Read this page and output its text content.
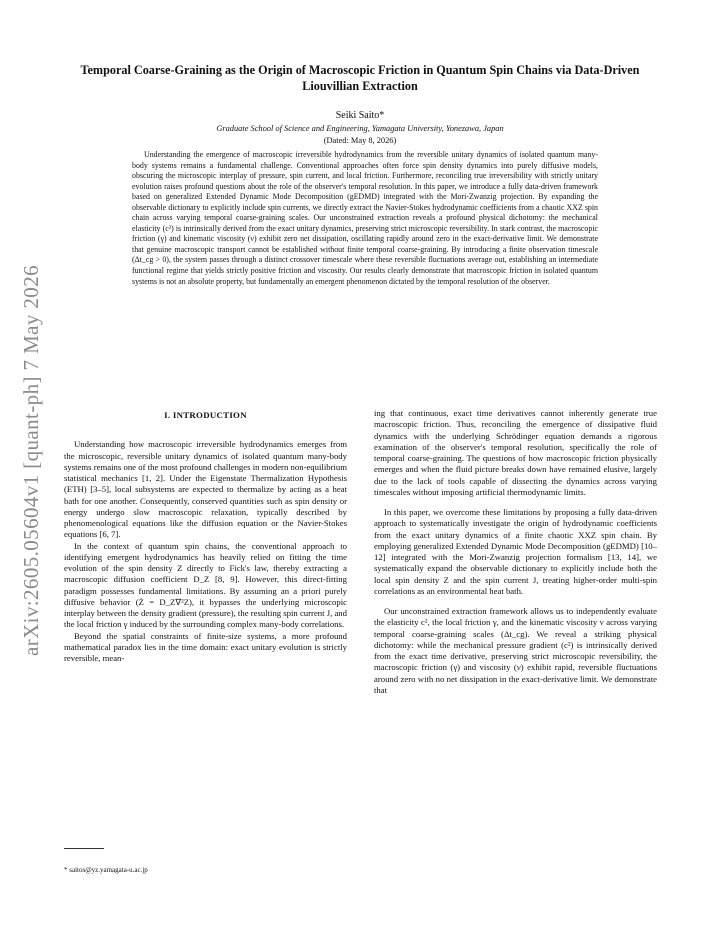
arXiv:2605.05604v1 [quant-ph] 7 May 2026
Temporal Coarse-Graining as the Origin of Macroscopic Friction in Quantum Spin Chains via Data-Driven Liouvillian Extraction
Seiki Saito*
Graduate School of Science and Engineering, Yamagata University, Yonezawa, Japan
(Dated: May 8, 2026)
Understanding the emergence of macroscopic irreversible hydrodynamics from the reversible unitary dynamics of isolated quantum many-body systems remains a fundamental challenge. Conventional approaches often force spin density dynamics into purely diffusive models, obscuring the microscopic interplay of pressure, spin current, and local friction. Furthermore, reconciling true irreversibility with strictly unitary evolution raises profound questions about the role of the observer's temporal resolution. In this paper, we introduce a fully data-driven framework based on generalized Extended Dynamic Mode Decomposition (gEDMD) integrated with the Mori-Zwanzig projection. By expanding the observable dictionary to explicitly include spin currents, we directly extract the Navier-Stokes hydrodynamic coefficients from a chaotic XXZ spin chain across varying temporal coarse-graining scales. Our unconstrained extraction reveals a profound physical dichotomy: the mechanical elasticity (c²) is intrinsically derived from the exact unitary dynamics, preserving strict microscopic reversibility. In stark contrast, the macroscopic friction (γ) and kinematic viscosity (ν) exhibit zero net dissipation, oscillating rapidly around zero in the exact-derivative limit. We demonstrate that genuine macroscopic transport cannot be established without finite temporal coarse-graining. By introducing a finite observation timescale (Δt_cg > 0), the system passes through a distinct crossover timescale where these reversible fluctuations average out, establishing an intermediate functional regime that yields strictly positive friction and viscosity. Our results clearly demonstrate that macroscopic friction in isolated quantum systems is not an absolute property, but fundamentally an emergent phenomenon dictated by the temporal resolution of the observer.
I. INTRODUCTION

Understanding how macroscopic irreversible hydrodynamics emerges from the microscopic, reversible unitary dynamics of isolated quantum many-body systems remains one of the most profound challenges in modern non-equilibrium statistical mechanics [1, 2]. Under the Eigenstate Thermalization Hypothesis (ETH) [3–5], local subsystems are expected to thermalize by acting as a heat bath for one another. Consequently, conserved quantities such as spin density or energy undergo slow macroscopic relaxation, typically described by phenomenological equations like the diffusion equation or the Navier-Stokes equations [6, 7].

In the context of quantum spin chains, the conventional approach to identifying emergent hydrodynamics has heavily relied on fitting the time evolution of the spin density Z directly to Fick's law, thereby extracting a macroscopic diffusion coefficient D_Z [8, 9]. However, this direct-fitting paradigm possesses fundamental limitations. By assuming an a priori purely diffusive behavior (Ż = D_Z∇²Z), it bypasses the underlying microscopic interplay between the density gradient (pressure), the resulting spin current J, and the local friction γ induced by the surrounding complex many-body correlations.

Beyond the spatial constraints of finite-size systems, a more profound mathematical paradox lies in the time domain: exact unitary evolution is strictly reversible, mean-

ing that continuous, exact time derivatives cannot inherently generate true macroscopic friction. Thus, reconciling the emergence of dissipative fluid dynamics with the underlying Schrödinger equation demands a rigorous examination of the observer's temporal resolution, specifically the role of temporal coarse-graining. The questions of how macroscopic friction physically emerges and when the fluid picture breaks down have remained elusive, largely due to the lack of tools capable of dissecting the dynamics across varying timescales without imposing artificial thermodynamic limits.

In this paper, we overcome these limitations by proposing a fully data-driven approach to systematically investigate the origin of hydrodynamic coefficients from the exact unitary dynamics of a finite chaotic XXZ spin chain. By employing generalized Extended Dynamic Mode Decomposition (gEDMD) [10–12] integrated with the Mori-Zwanzig projection formalism [13, 14], we systematically expand the observable dictionary to explicitly include both the local spin density Z and the spin current J, treating higher-order multi-spin correlations as an environmental heat bath.

Our unconstrained extraction framework allows us to independently evaluate the elasticity c², the local friction γ, and the kinematic viscosity ν across varying temporal coarse-graining scales (Δt_cg). We reveal a striking physical dichotomy: while the mechanical pressure gradient (c²) is intrinsically derived from the exact time derivative, preserving strict microscopic reversibility, the macroscopic friction (γ) and viscosity (ν) exhibit rapid, reversible fluctuations around zero with no net dissipation in the exact-derivative limit. We demonstrate that

* saitos@yz.yamagata-u.ac.jp
